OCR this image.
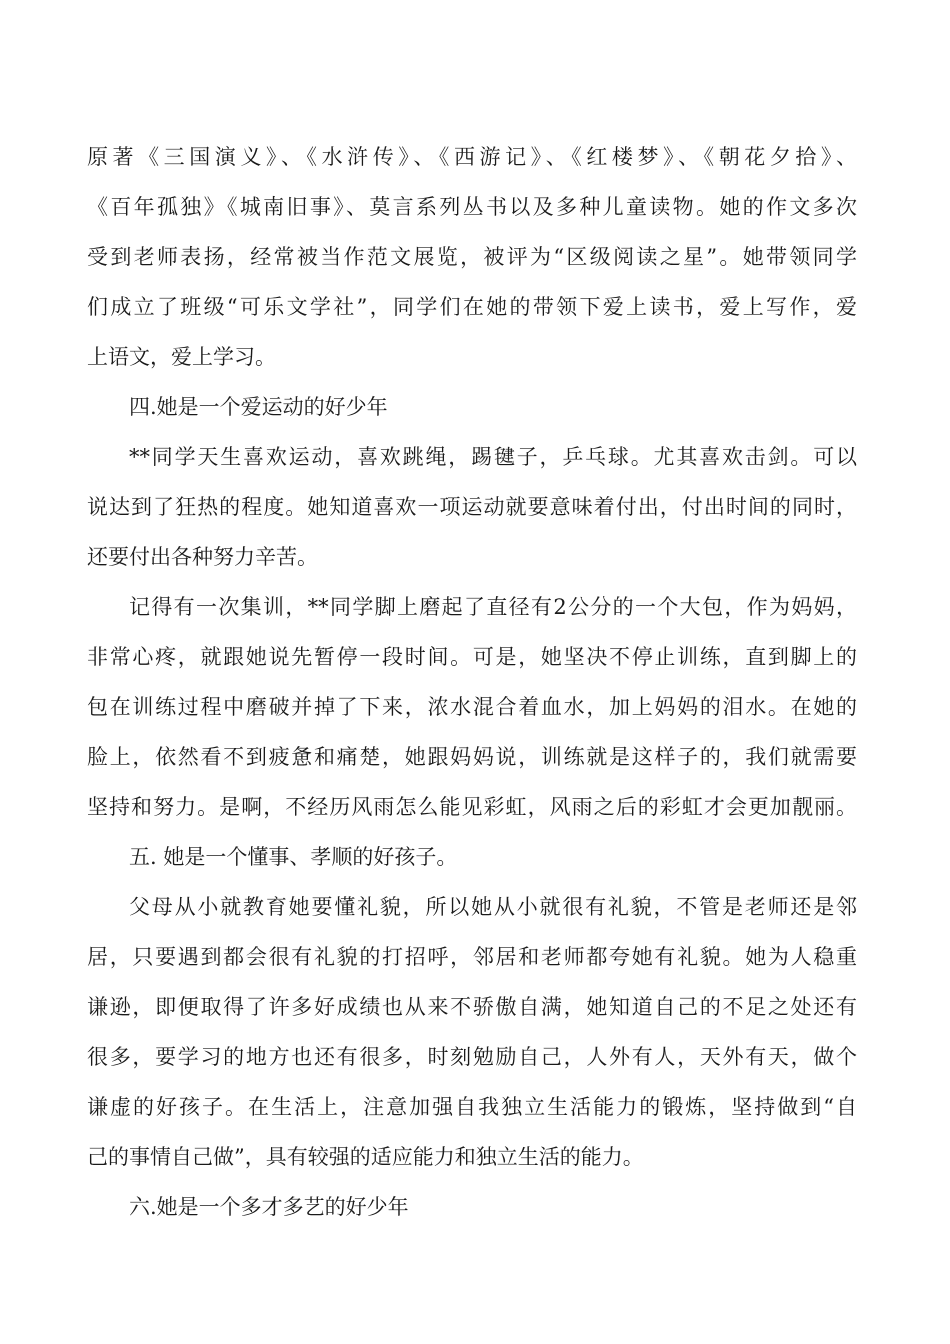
原著《三国演义》、《水浒传》、《西游记》、《红楼梦》、《朝花夕拾》、
《百年孤独》《城南旧事》、莫言系列丛书以及多种儿童读物。她的作文多次
受到老师表扬，经常被当作范文展览，被评为“区级阅读之星”。她带领同学
们成立了班级“可乐文学社”，同学们在她的带领下爱上读书，爱上写作，爱
上语文，爱上学习。
四.她是一个爱运动的好少年
**同学天生喜欢运动，喜欢跳绳，踢毽子，乒乓球。尤其喜欢击剑。可以
说达到了狂热的程度。她知道喜欢一项运动就要意味着付出，付出时间的同时，
还要付出各种努力辛苦。
记得有一次集训，**同学脚上磨起了直径有2公分的一个大包，作为妈妈，
非常心疼，就跟她说先暂停一段时间。可是，她坚决不停止训练，直到脚上的
包在训练过程中磨破并掉了下来，浓水混合着血水，加上妈妈的泪水。在她的
脸上，依然看不到疲惫和痛楚，她跟妈妈说，训练就是这样子的，我们就需要
坚持和努力。是啊，不经历风雨怎么能见彩虹，风雨之后的彩虹才会更加靓丽。
五. 她是一个懂事、孝顺的好孩子。
父母从小就教育她要懂礼貌，所以她从小就很有礼貌，不管是老师还是邻
居，只要遇到都会很有礼貌的打招呼，邻居和老师都夸她有礼貌。她为人稳重
谦逊，即便取得了许多好成绩也从来不骄傲自满，她知道自己的不足之处还有
很多，要学习的地方也还有很多，时刻勉励自己，人外有人，天外有天，做个
谦虚的好孩子。在生活上，注意加强自我独立生活能力的锻炼，坚持做到“自
己的事情自己做”，具有较强的适应能力和独立生活的能力。
六.她是一个多才多艺的好少年
